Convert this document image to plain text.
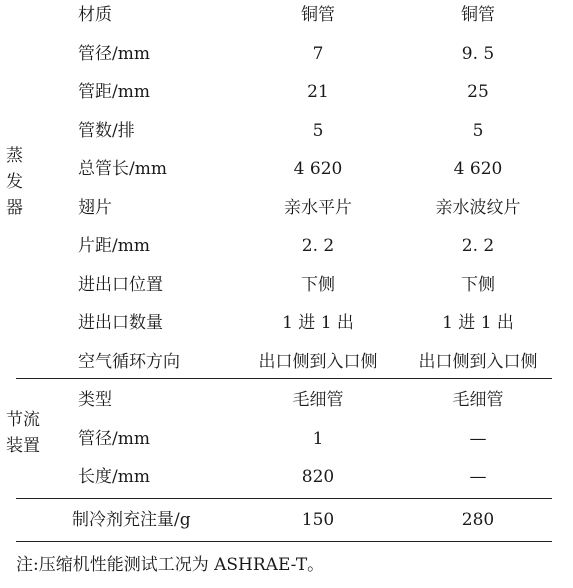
蒸
发
器
材质	铜管	铜管
管径/mm	7	9. 5
管距/mm	21	25
管数/排	5	5
总管长/mm	4 620	4 620
翅片	亲水平片	亲水波纹片
片距/mm	2. 2	2. 2
进出口位置	下侧	下侧
进出口数量	1 进 1 出	1 进 1 出
空气循环方向	出口侧到入口侧	出口侧到入口侧
节流
装置
类型	毛细管	毛细管
管径/mm	1	—
长度/mm	820	—
制冷剂充注量/g	150	280
注:压缩机性能测试工况为 ASHRAE-T。
